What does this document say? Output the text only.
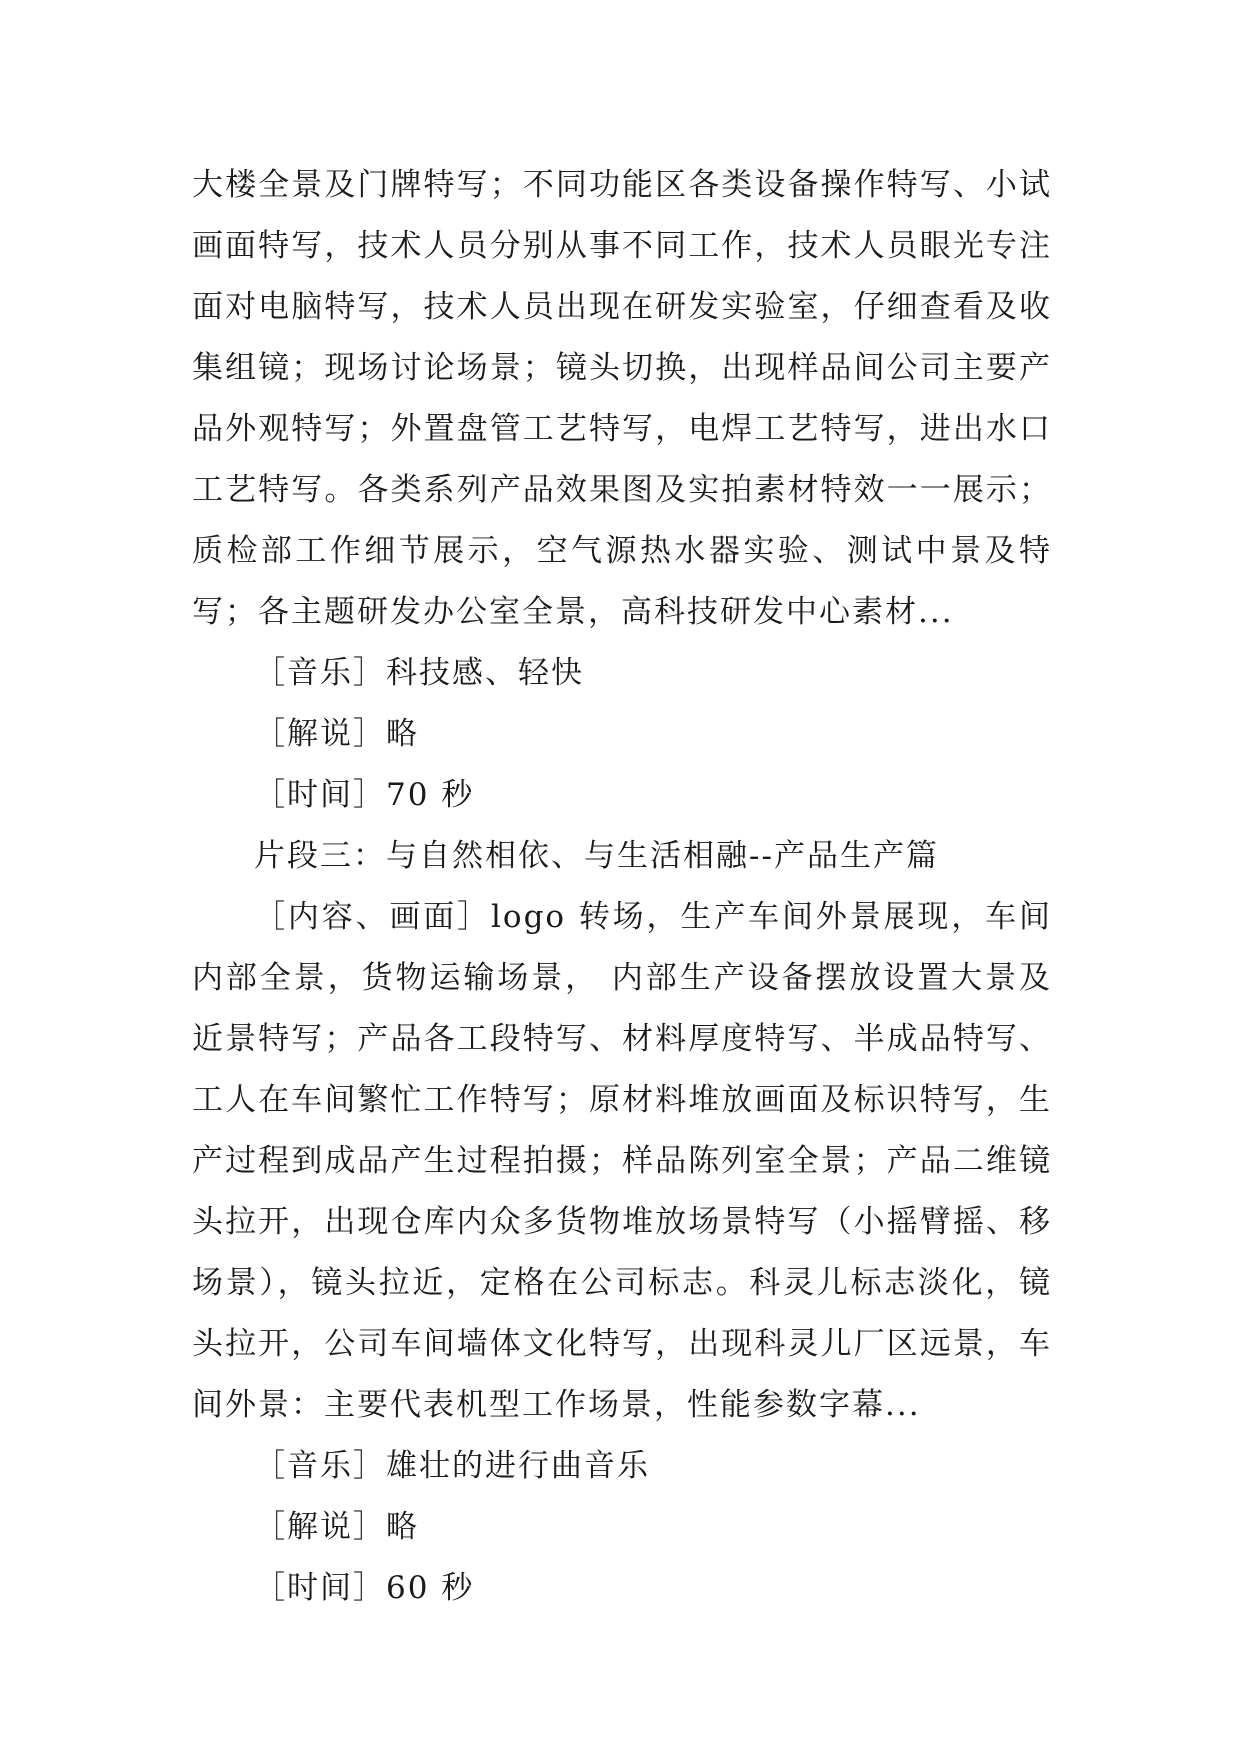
大楼全景及门牌特写；不同功能区各类设备操作特写、小试画面特写，技术人员分别从事不同工作，技术人员眼光专注面对电脑特写，技术人员出现在研发实验室，仔细查看及收集组镜；现场讨论场景；镜头切换，出现样品间公司主要产品外观特写；外置盘管工艺特写，电焊工艺特写，进出水口工艺特写。各类系列产品效果图及实拍素材特效一一展示；质检部工作细节展示，空气源热水器实验、测试中景及特写；各主题研发办公室全景，高科技研发中心素材...

［音乐］科技感、轻快

［解说］略

［时间］70 秒

片段三：与自然相依、与生活相融--产品生产篇

［内容、画面］logo 转场，生产车间外景展现，车间内部全景，货物运输场景， 内部生产设备摆放设置大景及近景特写；产品各工段特写、材料厚度特写、半成品特写、工人在车间繁忙工作特写；原材料堆放画面及标识特写，生产过程到成品产生过程拍摄；样品陈列室全景；产品二维镜头拉开，出现仓库内众多货物堆放场景特写（小摇臂摇、移场景），镜头拉近，定格在公司标志。科灵儿标志淡化，镜头拉开，公司车间墙体文化特写，出现科灵儿厂区远景，车间外景：主要代表机型工作场景，性能参数字幕...

［音乐］雄壮的进行曲音乐

［解说］略

［时间］60 秒
